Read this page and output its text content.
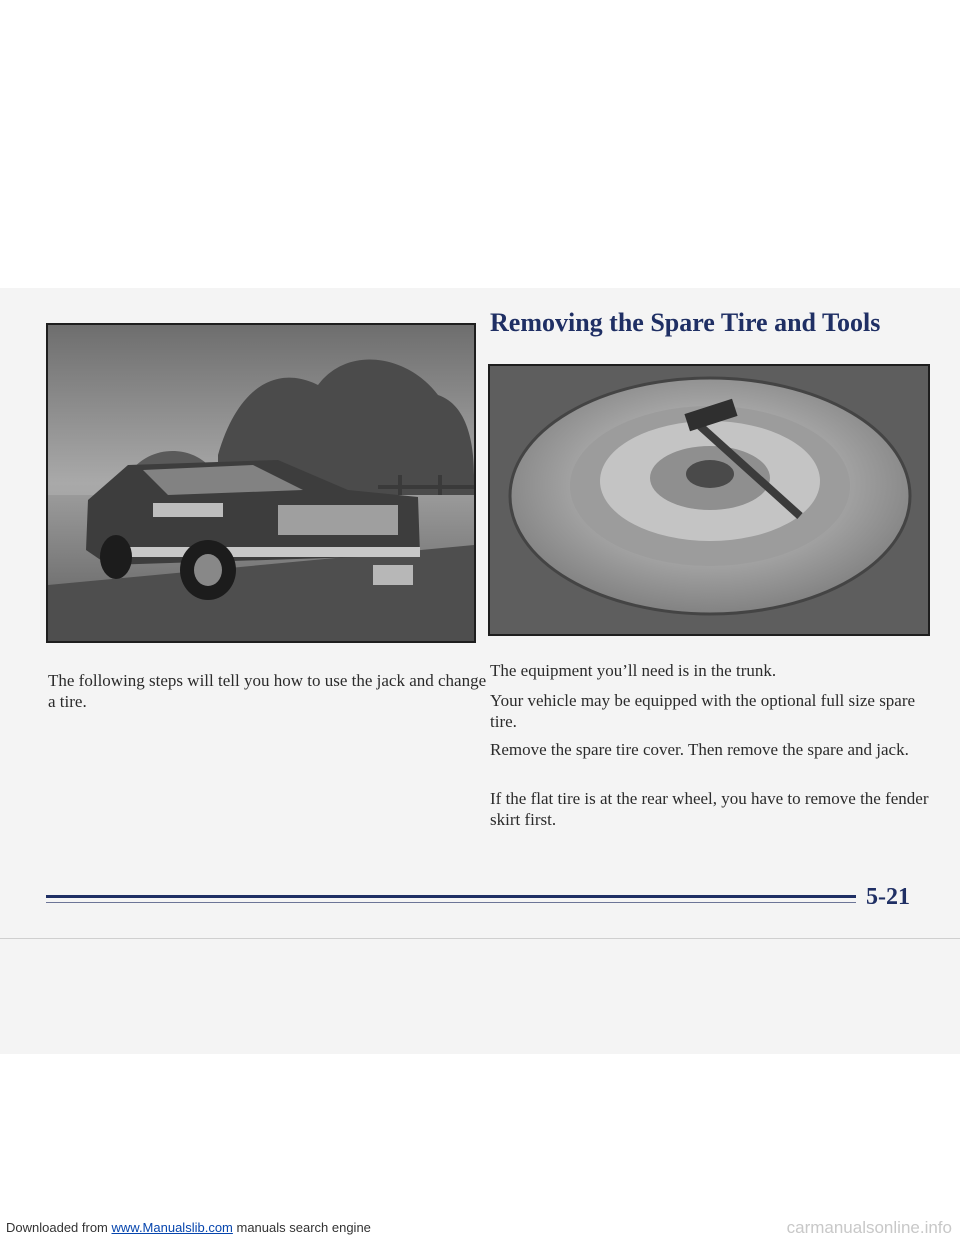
Removing the Spare Tire and Tools

The following steps will tell you how to use the jack and change a tire.

The equipment you’ll need is in the trunk.

Your vehicle may be equipped with the optional full size spare tire.

Remove the spare tire cover. Then remove the spare and jack.

If the flat tire is at the rear wheel, you have to remove the fender skirt first.

5-21
Downloaded from www.Manualslib.com manuals search engine	carmanualsonline.info
